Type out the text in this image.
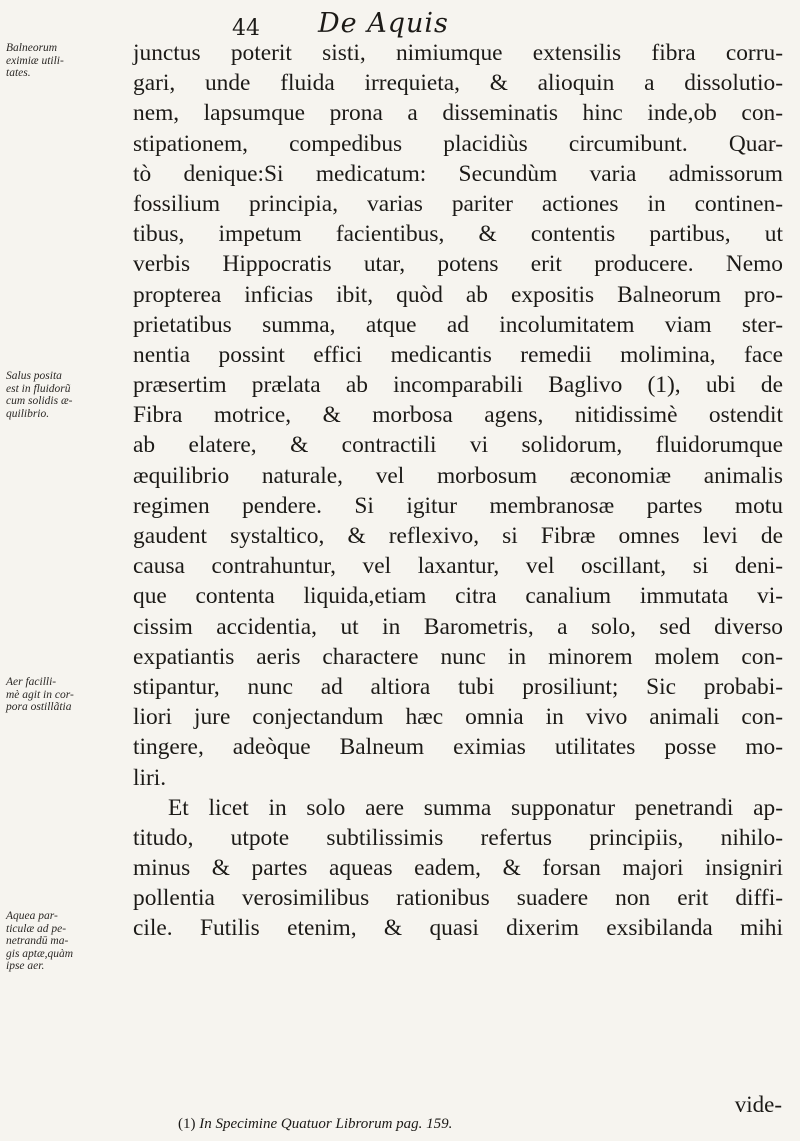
44 De Aquis
Balneorum
eximiæ utili-
tates.
Salus posita
est in fluidorũ
cum solidis æ-
quilibrio.
Aer facilli-
mè agit in cor-
pora ostillãtia
Aquea par-
ticulæ ad pe-
netrandū ma-
gis aptæ,quàm
ipse aer.
junctus poterit sisti, nimiumque extensilis fibra corru-
gari, unde fluida irrequieta, & alioquin a dissolutio-
nem, lapsumque prona a disseminatis hinc inde,ob con-
stipationem, compedibus placidiùs circumibunt. Quar-
tò denique:Si medicatum: Secundùm varia admissorum
fossilium principia, varias pariter actiones in continen-
tibus, impetum facientibus, & contentis partibus, ut
verbis Hippocratis utar, potens erit producere. Nemo
propterea inficias ibit, quòd ab expositis Balneorum pro-
prietatibus summa, atque ad incolumitatem viam ster-
nentia possint effici medicantis remedii molimina, face
præsertim prælata ab incomparabili Baglivo (1), ubi de
Fibra motrice, & morbosa agens, nitidissimè ostendit
ab elatere, & contractili vi solidorum, fluidorumque
æquilibrio naturale, vel morbosum æconomiæ animalis
regimen pendere. Si igitur membranosæ partes motu
gaudent systaltico, & reflexivo, si Fibræ omnes levi de
causa contrahuntur, vel laxantur, vel oscillant, si deni-
que contenta liquida,etiam citra canalium immutata vi-
cissim accidentia, ut in Barometris, a solo, sed diverso
expatiantis aeris charactere nunc in minorem molem con-
stipantur, nunc ad altiora tubi prosiliunt; Sic probabi-
liori jure conjectandum hæc omnia in vivo animali con-
tingere, adeòque Balneum eximias utilitates posse mo-
liri.
Et licet in solo aere summa supponatur penetrandi ap-
titudo, utpote subtilissimis refertus principiis, nihilo-
minus & partes aqueas eadem, & forsan majori insigniri
pollentia verosimilibus rationibus suadere non erit diffi-
cile. Futilis etenim, & quasi dixerim exsibilanda mihi
vide-
(1) In Specimine Quatuor Librorum pag. 159.
